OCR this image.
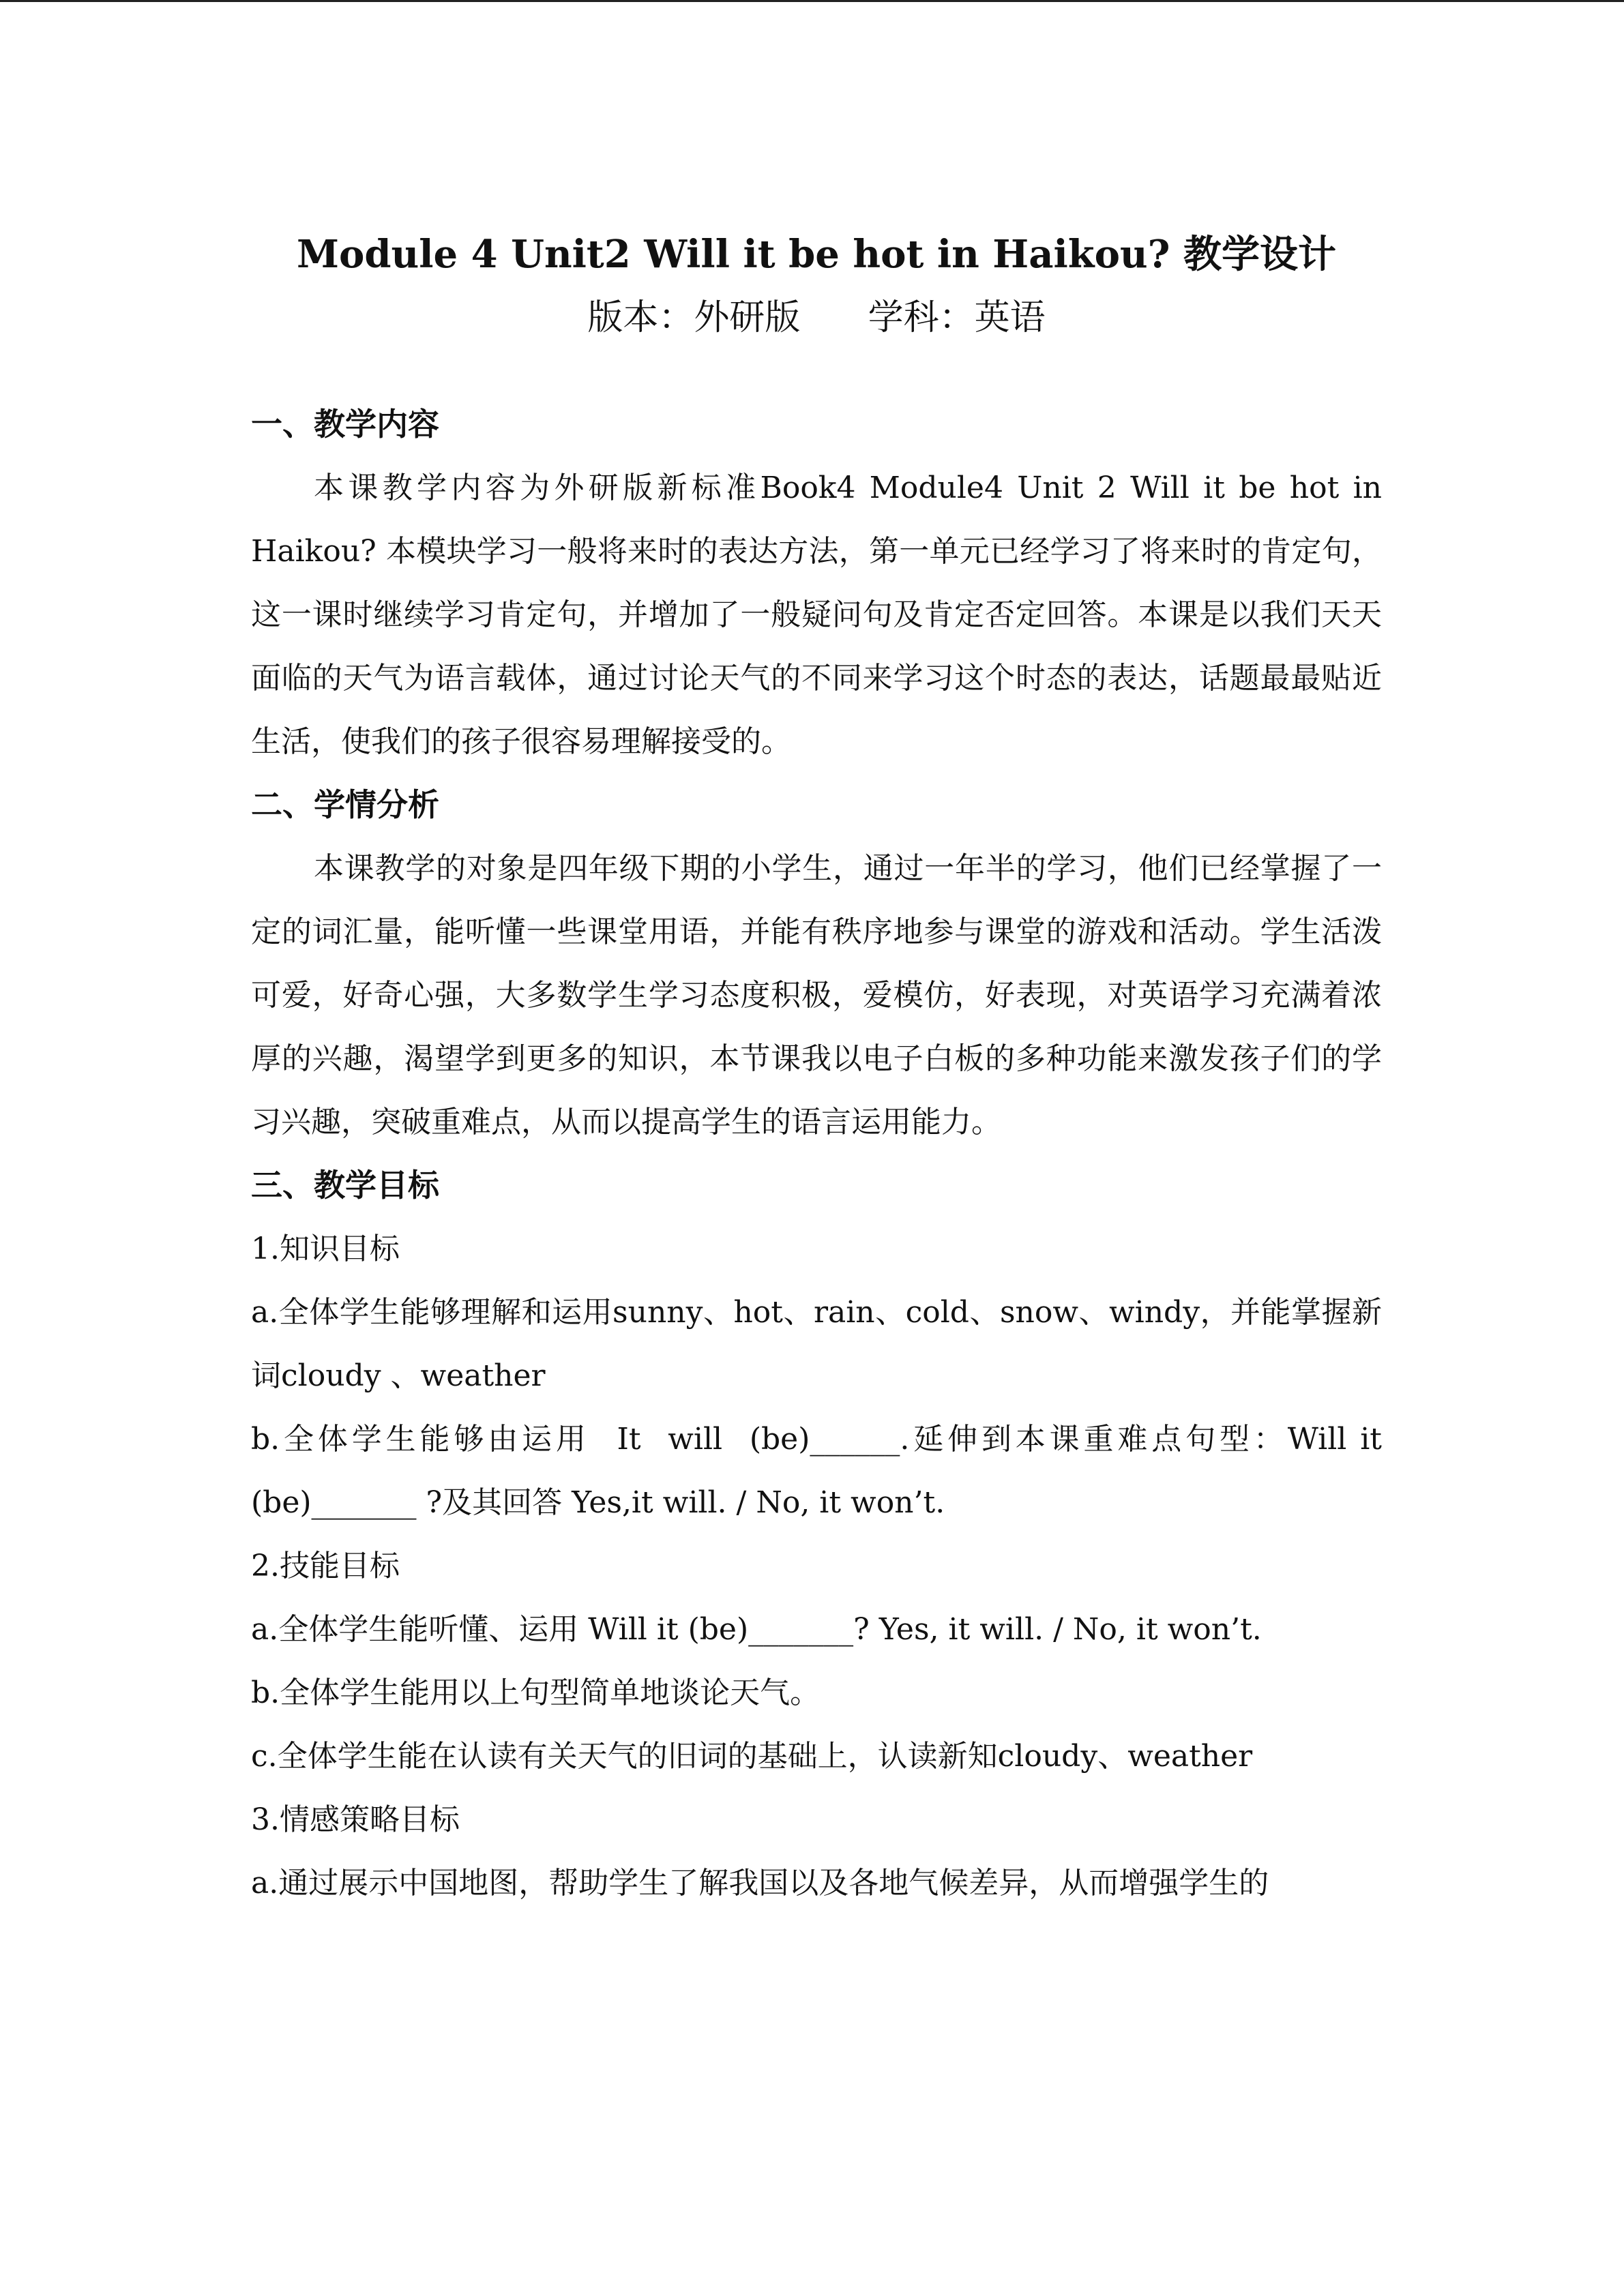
Module 4 Unit2 Will it be hot in Haikou? 教学设计

版本：外研版      学科：英语

一、教学内容

本课教学内容为外研版新标准Book4 Module4 Unit 2 Will it be hot in Haikou? 本模块学习一般将来时的表达方法，第一单元已经学习了将来时的肯定句，这一课时继续学习肯定句，并增加了一般疑问句及肯定否定回答。本课是以我们天天面临的天气为语言载体，通过讨论天气的不同来学习这个时态的表达，话题最最贴近生活，使我们的孩子很容易理解接受的。

二、学情分析

本课教学的对象是四年级下期的小学生，通过一年半的学习，他们已经掌握了一定的词汇量，能听懂一些课堂用语，并能有秩序地参与课堂的游戏和活动。学生活泼可爱，好奇心强，大多数学生学习态度积极，爱模仿，好表现，对英语学习充满着浓厚的兴趣，渴望学到更多的知识，本节课我以电子白板的多种功能来激发孩子们的学习兴趣，突破重难点，从而以提高学生的语言运用能力。

三、教学目标

1.知识目标

a.全体学生能够理解和运用sunny、hot、rain、cold、snow、windy，并能掌握新词cloudy 、weather

b.全体学生能够由运用  It  will  (be)______.延伸到本课重难点句型：Will it (be)_______ ?及其回答 Yes,it will. / No, it won’t.

2.技能目标

a.全体学生能听懂、运用 Will it (be)_______? Yes, it will. / No, it won’t.

b.全体学生能用以上句型简单地谈论天气。

c.全体学生能在认读有关天气的旧词的基础上，认读新知cloudy、weather

3.情感策略目标

a.通过展示中国地图，帮助学生了解我国以及各地气候差异，从而增强学生的
